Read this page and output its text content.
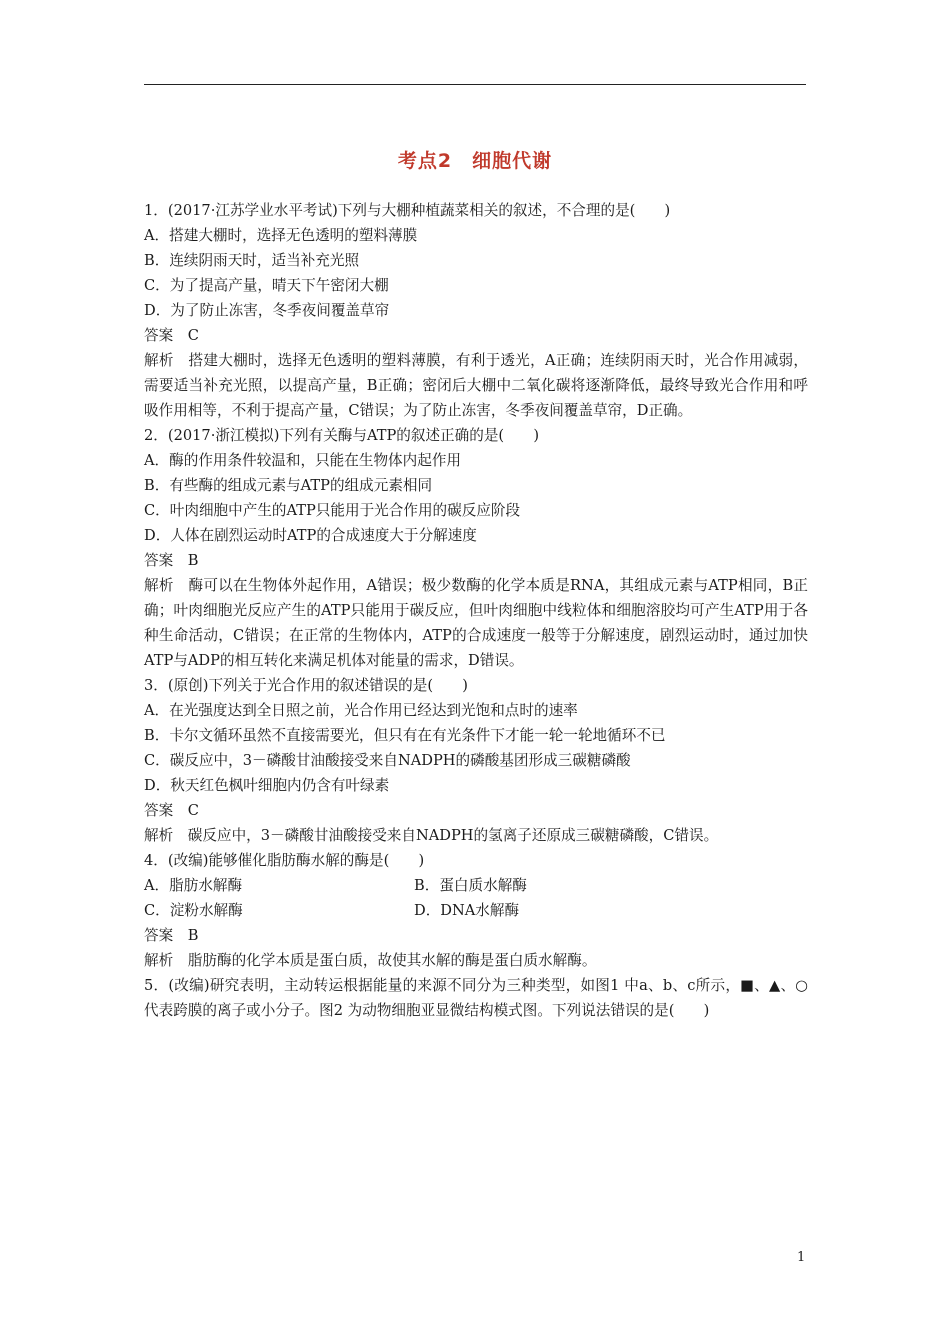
考点2　细胞代谢
1．(2017·江苏学业水平考试)下列与大棚种植蔬菜相关的叙述，不合理的是(　　)
A．搭建大棚时，选择无色透明的塑料薄膜
B．连续阴雨天时，适当补充光照
C．为了提高产量，晴天下午密闭大棚
D．为了防止冻害，冬季夜间覆盖草帘
答案　C
解析　搭建大棚时，选择无色透明的塑料薄膜，有利于透光，A正确；连续阴雨天时，光合作用减弱，需要适当补充光照，以提高产量，B正确；密闭后大棚中二氧化碳将逐渐降低，最终导致光合作用和呼吸作用相等，不利于提高产量，C错误；为了防止冻害，冬季夜间覆盖草帘，D正确。
2．(2017·浙江模拟)下列有关酶与ATP的叙述正确的是(　　)
A．酶的作用条件较温和，只能在生物体内起作用
B．有些酶的组成元素与ATP的组成元素相同
C．叶肉细胞中产生的ATP只能用于光合作用的碳反应阶段
D．人体在剧烈运动时ATP的合成速度大于分解速度
答案　B
解析　酶可以在生物体外起作用，A错误；极少数酶的化学本质是RNA，其组成元素与ATP相同，B正确；叶肉细胞光反应产生的ATP只能用于碳反应，但叶肉细胞中线粒体和细胞溶胶均可产生ATP用于各种生命活动，C错误；在正常的生物体内，ATP的合成速度一般等于分解速度，剧烈运动时，通过加快ATP与ADP的相互转化来满足机体对能量的需求，D错误。
3．(原创)下列关于光合作用的叙述错误的是(　　)
A．在光强度达到全日照之前，光合作用已经达到光饱和点时的速率
B．卡尔文循环虽然不直接需要光，但只有在有光条件下才能一轮一轮地循环不已
C．碳反应中，3－磷酸甘油酸接受来自NADPH的磷酸基团形成三碳糖磷酸
D．秋天红色枫叶细胞内仍含有叶绿素
答案　C
解析　碳反应中，3－磷酸甘油酸接受来自NADPH的氢离子还原成三碳糖磷酸，C错误。
4．(改编)能够催化脂肪酶水解的酶是(　　)
A．脂肪水解酶	B．蛋白质水解酶
C．淀粉水解酶	D．DNA水解酶
答案　B
解析　脂肪酶的化学本质是蛋白质，故使其水解的酶是蛋白质水解酶。
5．(改编)研究表明，主动转运根据能量的来源不同分为三种类型，如图1 中a、b、c所示，■、▲、○代表跨膜的离子或小分子。图2 为动物细胞亚显微结构模式图。下列说法错误的是(　　)
1
